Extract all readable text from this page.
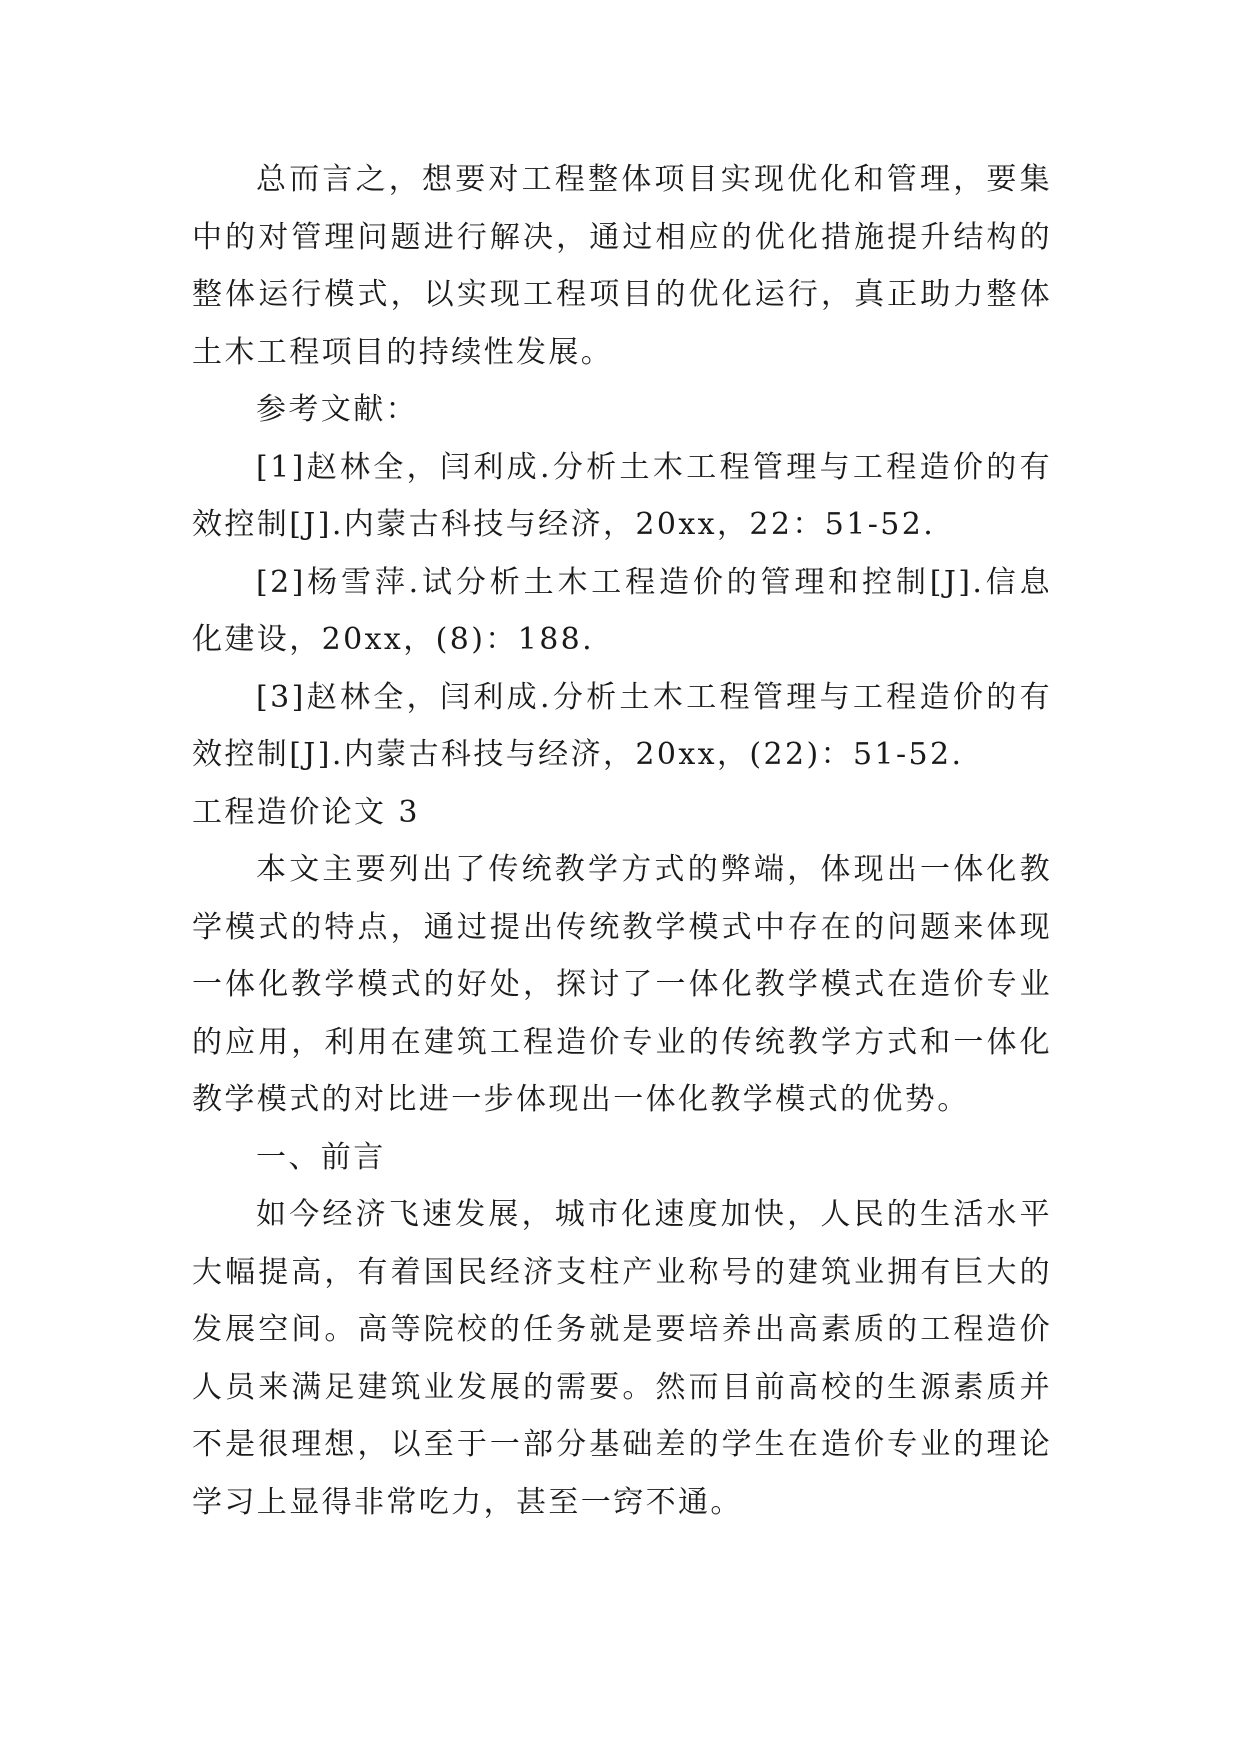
总而言之，想要对工程整体项目实现优化和管理，要集中的对管理问题进行解决，通过相应的优化措施提升结构的整体运行模式，以实现工程项目的优化运行，真正助力整体土木工程项目的持续性发展。

参考文献：

[1]赵林全，闫利成.分析土木工程管理与工程造价的有效控制[J].内蒙古科技与经济，20xx，22：51-52.

[2]杨雪萍.试分析土木工程造价的管理和控制[J].信息化建设，20xx，(8)：188.

[3]赵林全，闫利成.分析土木工程管理与工程造价的有效控制[J].内蒙古科技与经济，20xx，(22)：51-52.

工程造价论文 3

本文主要列出了传统教学方式的弊端，体现出一体化教学模式的特点，通过提出传统教学模式中存在的问题来体现一体化教学模式的好处，探讨了一体化教学模式在造价专业的应用，利用在建筑工程造价专业的传统教学方式和一体化教学模式的对比进一步体现出一体化教学模式的优势。

一、前言

如今经济飞速发展，城市化速度加快，人民的生活水平大幅提高，有着国民经济支柱产业称号的建筑业拥有巨大的发展空间。高等院校的任务就是要培养出高素质的工程造价人员来满足建筑业发展的需要。然而目前高校的生源素质并不是很理想，以至于一部分基础差的学生在造价专业的理论学习上显得非常吃力，甚至一窍不通。
